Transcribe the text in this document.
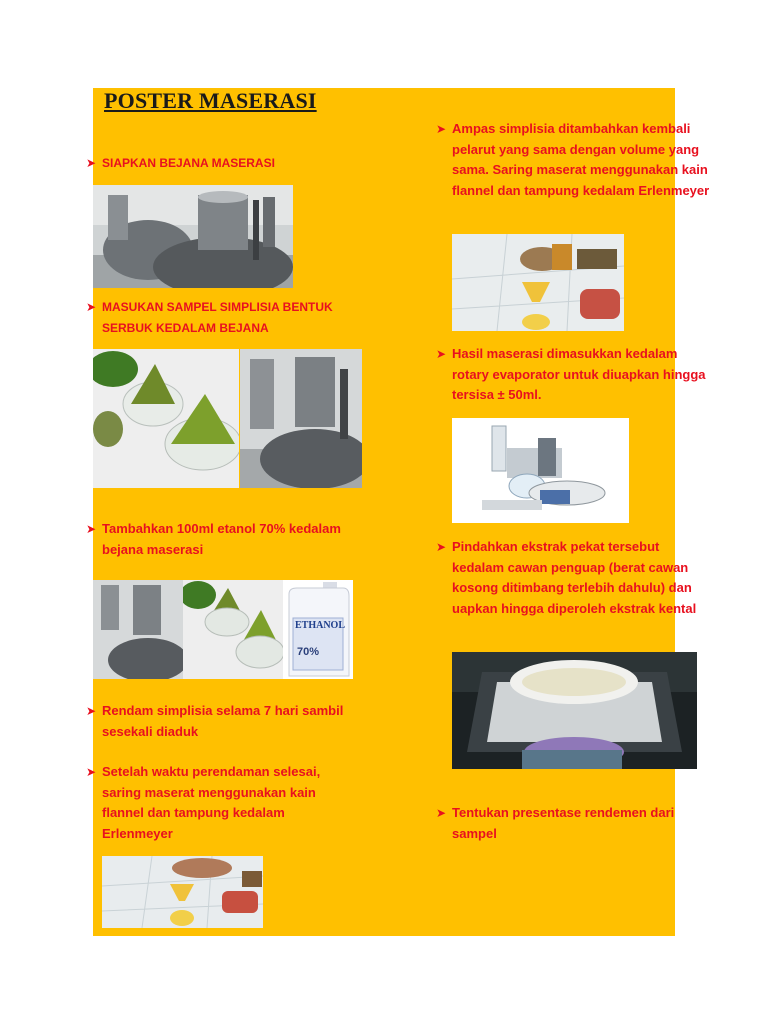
POSTER MASERASI
➤ SIAPKAN BEJANA MASERASI
➤ MASUKAN SAMPEL SIMPLISIA BENTUK SERBUK KEDALAM BEJANA
➤ Tambahkan 100ml etanol 70% kedalam bejana maserasi
ETHANOL
70%
➤ Rendam simplisia selama 7 hari sambil sesekali diaduk
➤ Setelah waktu perendaman selesai, saring maserat menggunakan kain flannel dan tampung kedalam Erlenmeyer
➤ Ampas simplisia ditambahkan kembali pelarut yang sama dengan volume yang sama. Saring maserat menggunakan kain flannel dan tampung kedalam Erlenmeyer
➤ Hasil maserasi dimasukkan kedalam rotary evaporator untuk diuapkan hingga tersisa ± 50ml.
➤ Pindahkan ekstrak pekat tersebut kedalam cawan penguap (berat cawan kosong ditimbang terlebih dahulu) dan uapkan hingga diperoleh ekstrak kental
➤ Tentukan presentase rendemen dari sampel
